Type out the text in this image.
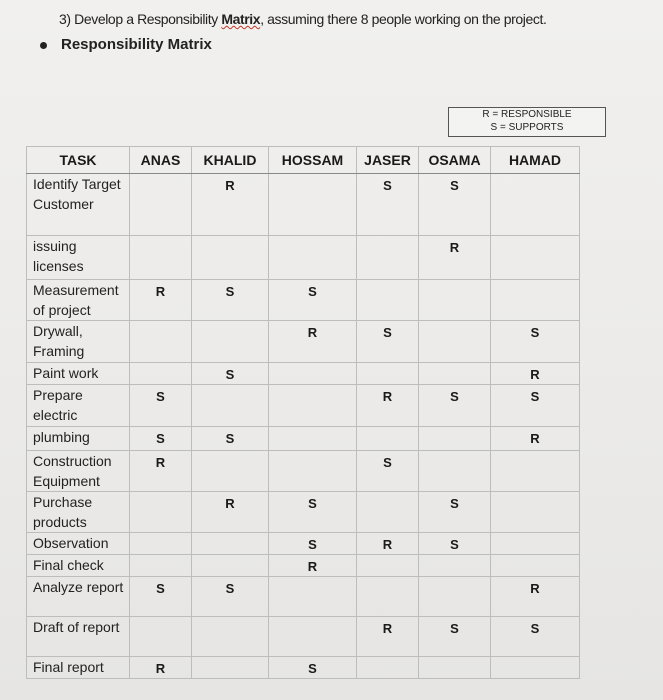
3) Develop a Responsibility Matrix, assuming there 8 people working on the project.
Responsibility Matrix
R = RESPONSIBLE
S = SUPPORTS
TASK	ANAS	KHALID	HOSSAM	JASER	OSAMA	HAMAD
Identify Target Customer		R		S	S	
issuing licenses					R	
Measurement of project	R	S	S			
Drywall, Framing			R	S		S
Paint work		S				R
Prepare electric	S			R	S	S
plumbing	S	S				R
Construction Equipment	R			S		
Purchase products		R	S		S	
Observation			S	R	S	
Final check			R			
Analyze report	S	S				R
Draft of report				R	S	S
Final report	R		S			
